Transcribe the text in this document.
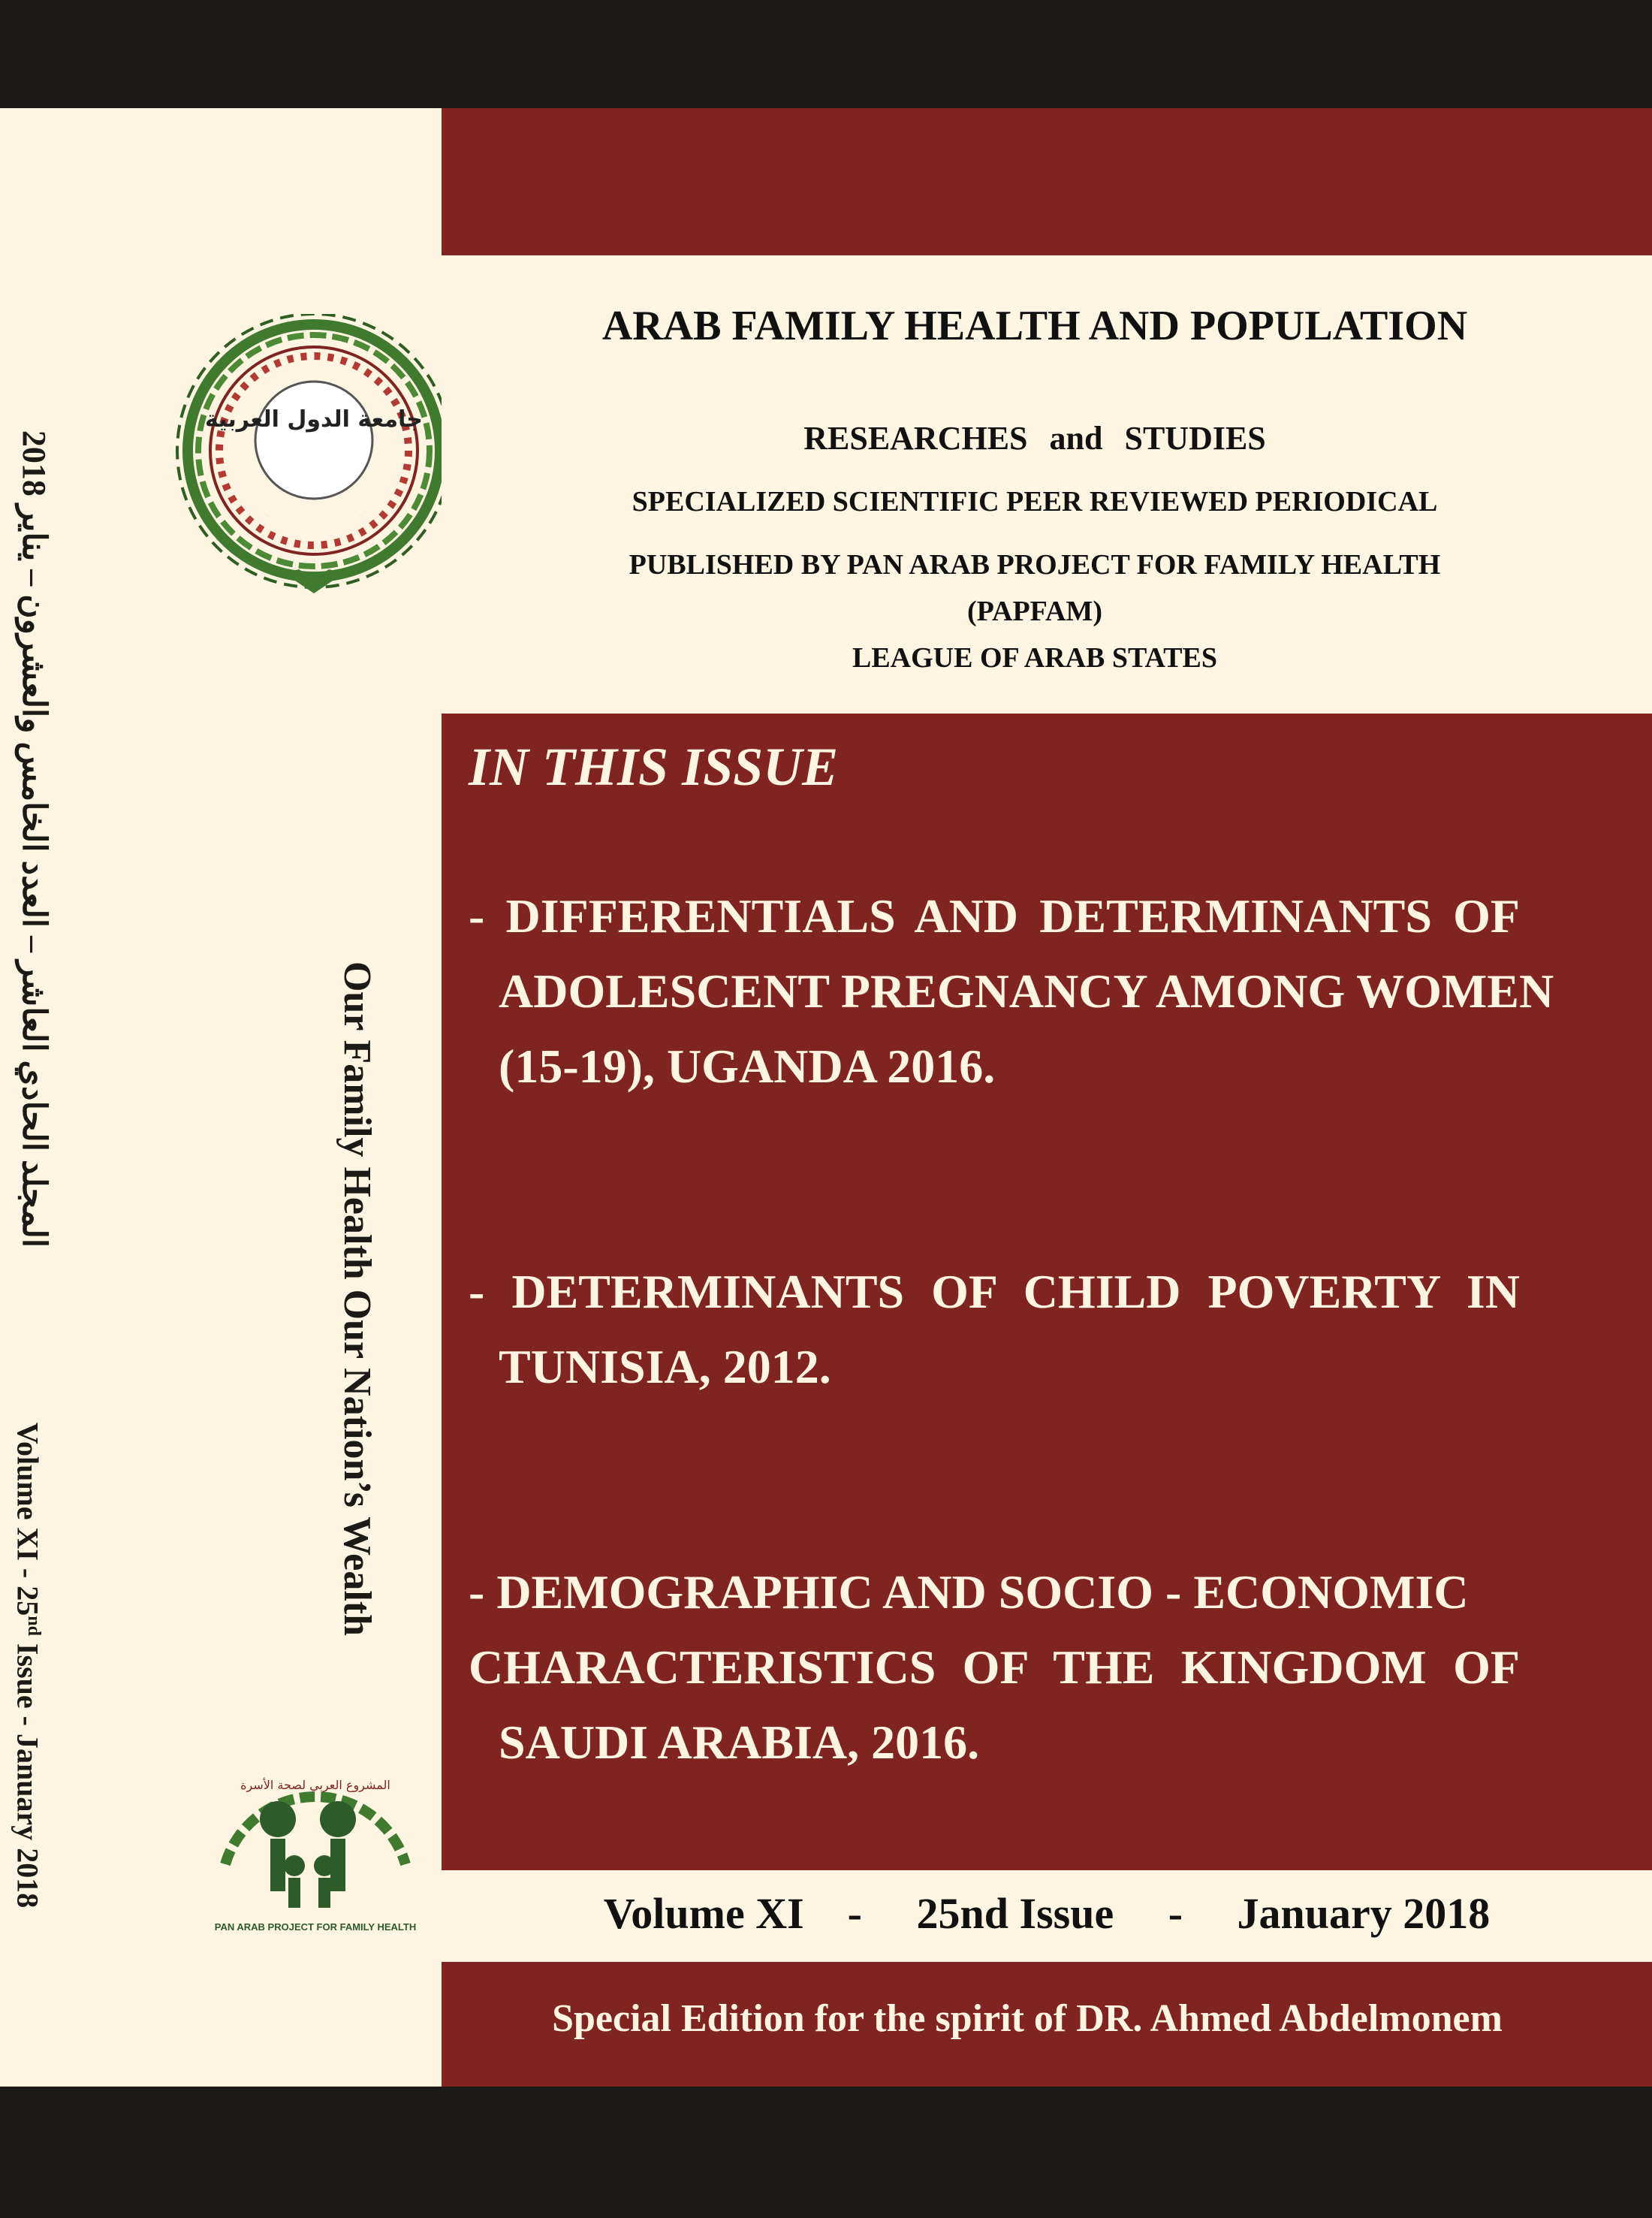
المجلد الحادي العاشر – العدد الخامس والعشرون – يناير 2018
Volume XI - 25nd Issue - January 2018
Our Family Health Our Nation’s Wealth
جامعة الدول العربية
ARAB FAMILY HEALTH AND POPULATION
RESEARCHES and STUDIES
SPECIALIZED SCIENTIFIC PEER REVIEWED PERIODICAL
PUBLISHED BY PAN ARAB PROJECT FOR FAMILY HEALTH
(PAPFAM)
LEAGUE OF ARAB STATES
IN THIS ISSUE
- DIFFERENTIALS AND DETERMINANTS OF
ADOLESCENT PREGNANCY AMONG WOMEN
(15-19), UGANDA 2016.
- DETERMINANTS OF CHILD POVERTY IN
TUNISIA, 2012.
- DEMOGRAPHIC AND SOCIO - ECONOMIC
CHARACTERISTICS OF THE KINGDOM OF
SAUDI ARABIA, 2016.
المشروع العربي لصحة الأسرة
PAN ARAB PROJECT FOR FAMILY HEALTH	Volume XI    -     25nd Issue     -     January 2018
Special Edition for the spirit of DR. Ahmed Abdelmonem
